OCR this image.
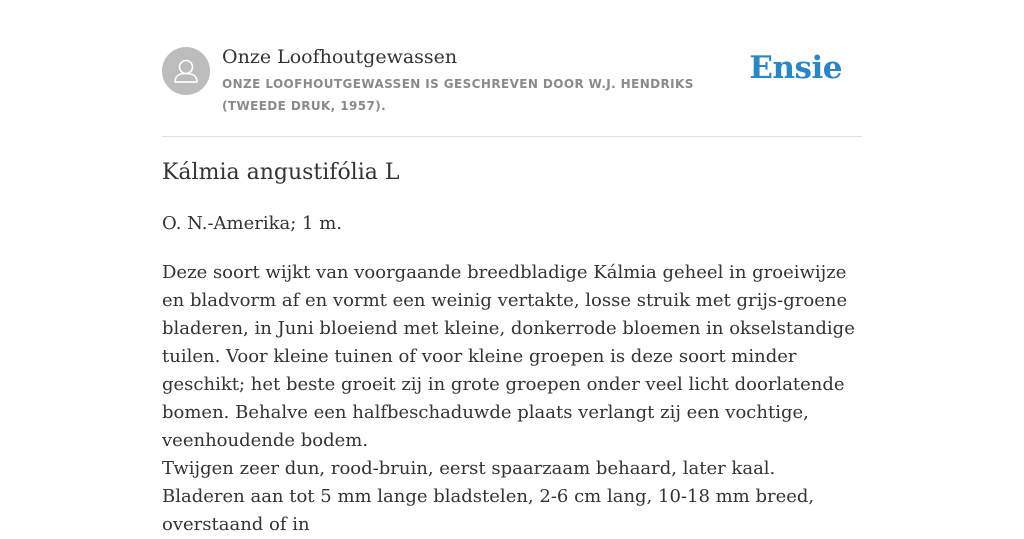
Onze Loofhoutgewassen
ONZE LOOFHOUTGEWASSEN IS GESCHREVEN DOOR W.J. HENDRIKS (TWEEDE DRUK, 1957).
Ensie
Kálmia angustifólia L

O. N.-Amerika; 1 m.

Deze soort wijkt van voorgaande breedbladige Kálmia geheel in groeiwijze en bladvorm af en vormt een weinig vertakte, losse struik met grijs-groene bladeren, in Juni bloeiend met kleine, donkerrode bloemen in okselstandige tuilen. Voor kleine tuinen of voor kleine groepen is deze soort minder geschikt; het beste groeit zij in grote groepen onder veel licht doorlatende bomen. Behalve een halfbeschaduwde plaats verlangt zij een vochtige, veenhoudende bodem.

Twijgen zeer dun, rood-bruin, eerst spaarzaam behaard, later kaal. Bladeren aan tot 5 mm lange bladstelen, 2-6 cm lang, 10-18 mm breed, overstaand of in
